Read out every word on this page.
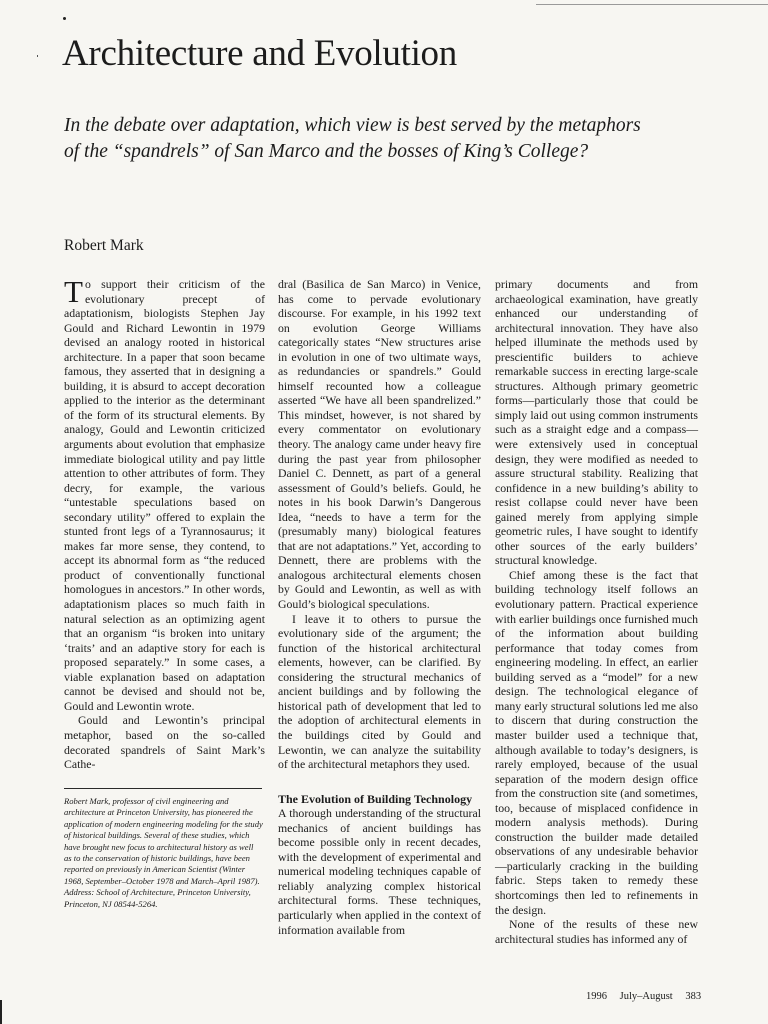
Architecture and Evolution
In the debate over adaptation, which view is best served by the metaphors
of the “spandrels” of San Marco and the bosses of King’s College?
Robert Mark

To support their criticism of the evolutionary precept of adaptationism, biologists Stephen Jay Gould and Richard Lewontin in 1979 devised an analogy rooted in historical architecture. In a paper that soon became famous, they asserted that in designing a building, it is absurd to accept decoration applied to the interior as the determinant of the form of its structural elements. By analogy, Gould and Lewontin criticized arguments about evolution that emphasize immediate biological utility and pay little attention to other attributes of form. They decry, for example, the various “untestable speculations based on secondary utility” offered to explain the stunted front legs of a Tyrannosaurus; it makes far more sense, they contend, to accept its abnormal form as “the reduced product of conventionally functional homologues in ancestors.” In other words, adaptationism places so much faith in natural selection as an optimizing agent that an organism “is broken into unitary ‘traits’ and an adaptive story for each is proposed separately.” In some cases, a viable explanation based on adaptation cannot be devised and should not be, Gould and Lewontin wrote.

Gould and Lewontin’s principal metaphor, based on the so-called decorated spandrels of Saint Mark’s Cathe-

Robert Mark, professor of civil engineering and architecture at Princeton University, has pioneered the application of modern engineering modeling for the study of historical buildings. Several of these studies, which have brought new focus to architectural history as well as to the conservation of historic buildings, have been reported on previously in American Scientist (Winter 1968, September–October 1978 and March–April 1987). Address: School of Architecture, Princeton University, Princeton, NJ 08544-5264.

dral (Basilica de San Marco) in Venice, has come to pervade evolutionary discourse. For example, in his 1992 text on evolution George Williams categorically states “New structures arise in evolution in one of two ultimate ways, as redundancies or spandrels.” Gould himself recounted how a colleague asserted “We have all been spandrelized.” This mindset, however, is not shared by every commentator on evolutionary theory. The analogy came under heavy fire during the past year from philosopher Daniel C. Dennett, as part of a general assessment of Gould’s beliefs. Gould, he notes in his book Darwin’s Dangerous Idea, “needs to have a term for the (presumably many) biological features that are not adaptations.” Yet, according to Dennett, there are problems with the analogous architectural elements chosen by Gould and Lewontin, as well as with Gould’s biological speculations.

I leave it to others to pursue the evolutionary side of the argument; the function of the historical architectural elements, however, can be clarified. By considering the structural mechanics of ancient buildings and by following the historical path of development that led to the adoption of architectural elements in the buildings cited by Gould and Lewontin, we can analyze the suitability of the architectural metaphors they used.

The Evolution of Building Technology

A thorough understanding of the structural mechanics of ancient buildings has become possible only in recent decades, with the development of experimental and numerical modeling techniques capable of reliably analyzing complex historical architectural forms. These techniques, particularly when applied in the context of information available from

primary documents and from archaeological examination, have greatly enhanced our understanding of architectural innovation. They have also helped illuminate the methods used by prescientific builders to achieve remarkable success in erecting large-scale structures. Although primary geometric forms—particularly those that could be simply laid out using common instruments such as a straight edge and a compass—were extensively used in conceptual design, they were modified as needed to assure structural stability. Realizing that confidence in a new building’s ability to resist collapse could never have been gained merely from applying simple geometric rules, I have sought to identify other sources of the early builders’ structural knowledge.

Chief among these is the fact that building technology itself follows an evolutionary pattern. Practical experience with earlier buildings once furnished much of the information about building performance that today comes from engineering modeling. In effect, an earlier building served as a “model” for a new design. The technological elegance of many early structural solutions led me also to discern that during construction the master builder used a technique that, although available to today’s designers, is rarely employed, because of the usual separation of the modern design office from the construction site (and sometimes, too, because of misplaced confidence in modern analysis methods). During construction the builder made detailed observations of any undesirable behavior—particularly cracking in the building fabric. Steps taken to remedy these shortcomings then led to refinements in the design.

None of the results of these new architectural studies has informed any of

1996 July–August 383
